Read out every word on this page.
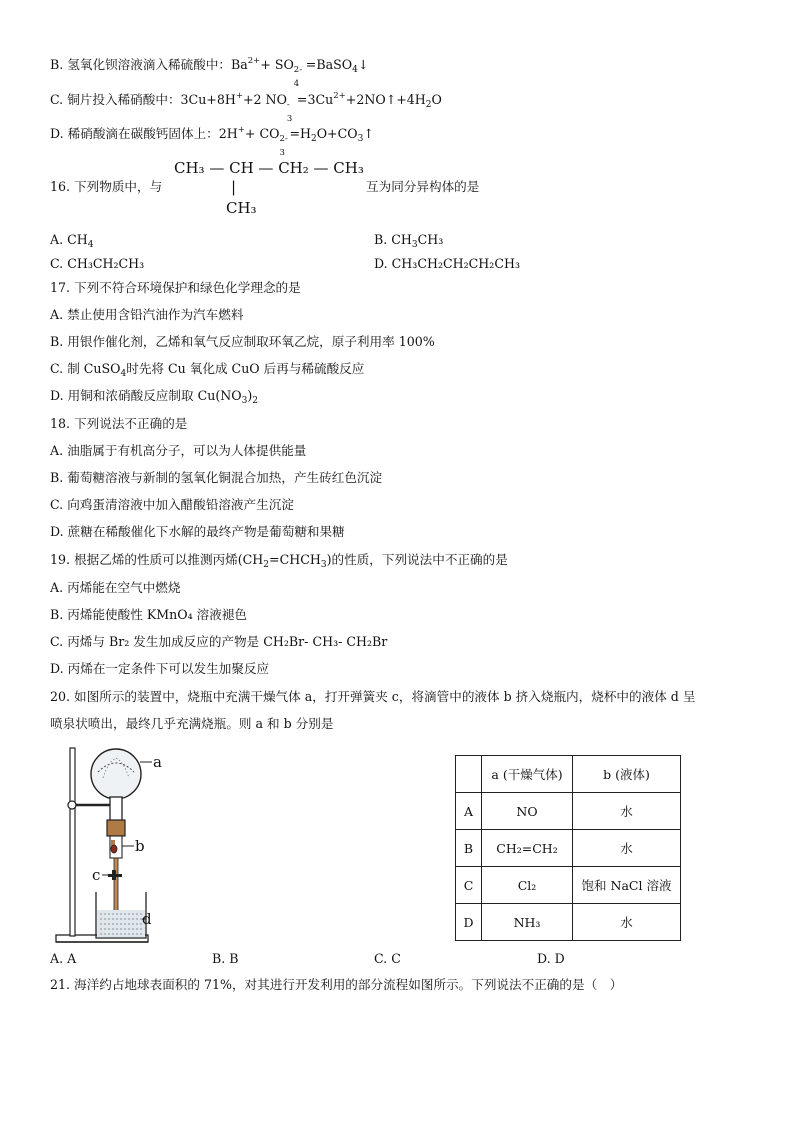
B. 氢氧化钡溶液滴入稀硫酸中：$Ba^{2+}+$ SO 2-
4
=BaSO$_4$↓
C. 铜片投入稀硝酸中：3Cu+8H++2 NO -
3
$=3Cu^{2+}+2NO↑+4H_2O$
D. 稀硝酸滴在碳酸钙固体上：2H++ CO 2-
3
$=H_2O+CO_3↑$
16. 下列物质中，与
CH₃ — CH — CH₂ — CH₃
|
CH₃
互为同分异构体的是
A. $CH_4$	B. $CH_3CH_3$
C. CH₃CH₂CH₃	D. CH₃CH₂CH₂CH₂CH₃
17. 下列不符合环境保护和绿色化学理念的是
A. 禁止使用含铅汽油作为汽车燃料
B. 用银作催化剂，乙烯和氧气反应制取环氧乙烷，原子利用率 100%
C. 制 CuSO$_4$时先将 Cu 氧化成 CuO 后再与稀硫酸反应
D. 用铜和浓硝酸反应制取 $Cu(NO_3)_2$
18. 下列说法不正确的是
A. 油脂属于有机高分子，可以为人体提供能量
B. 葡萄糖溶液与新制的氢氧化铜混合加热，产生砖红色沉淀
C. 向鸡蛋清溶液中加入醋酸铅溶液产生沉淀
D. 蔗糖在稀酸催化下水解的最终产物是葡萄糖和果糖
19. 根据乙烯的性质可以推测丙烯$(CH_2=CHCH_3)$的性质，下列说法中不正确的是
A. 丙烯能在空气中燃烧
B. 丙烯能使酸性 KMnO₄ 溶液褪色
C. 丙烯与 Br₂ 发生加成反应的产物是 CH₂Br- CH₃- CH₂Br
D. 丙烯在一定条件下可以发生加聚反应
20. 如图所示的装置中，烧瓶中充满干燥气体 a，打开弹簧夹 c，将滴管中的液体 b 挤入烧瓶内，烧杯中的液体 d 呈
喷泉状喷出，最终几乎充满烧瓶。则 a 和 b 分别是
a
b
c
d
	a (干燥气体)	b (液体)
A	NO	水
B	CH₂=CH₂	水
C	Cl₂	饱和 NaCl 溶液
D	NH₃	水
A. A	B. B	C. C	D. D
21. 海洋约占地球表面积的 71%，对其进行开发利用的部分流程如图所示。下列说法不正确的是（　）
